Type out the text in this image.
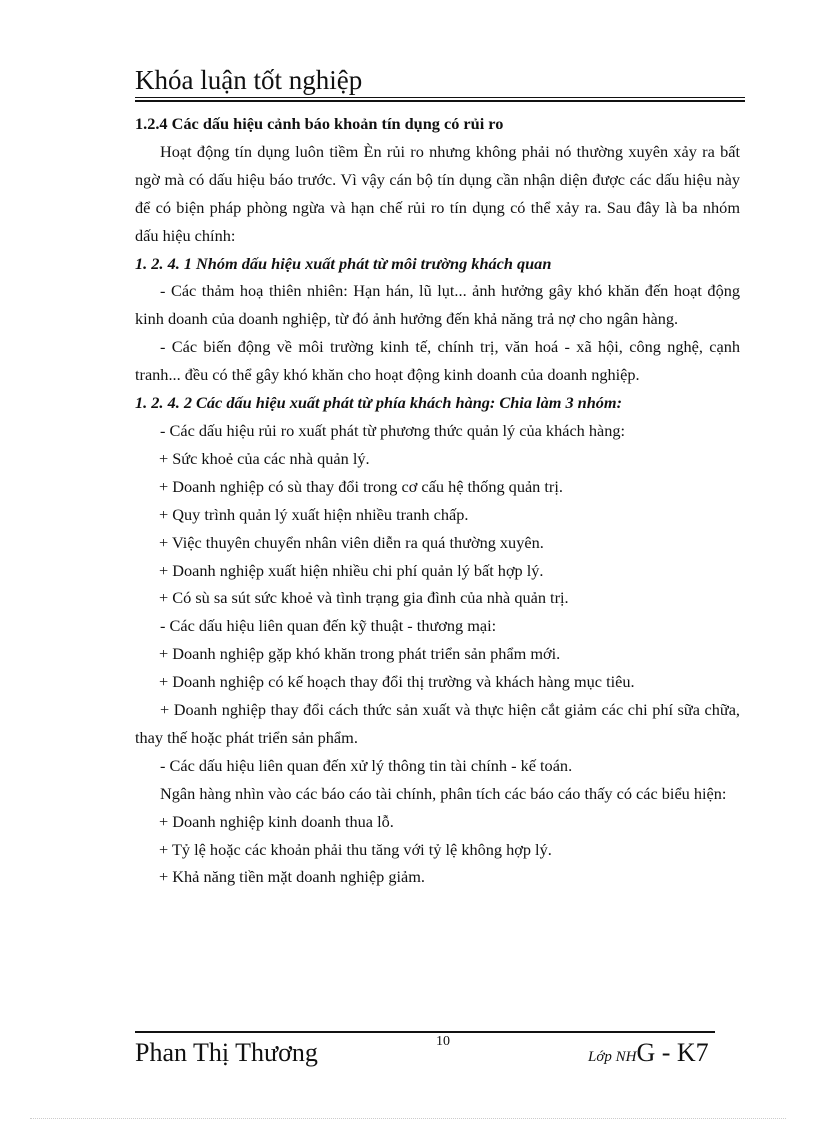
Khóa luận tốt nghiệp

1.2.4 Các dấu hiệu cảnh báo khoản tín dụng có rủi ro

Hoạt động tín dụng luôn tiềm Èn rủi ro nhưng không phải nó thường xuyên xảy ra bất ngờ mà có dấu hiệu báo trước. Vì vậy cán bộ tín dụng cần nhận diện được các dấu hiệu này để có biện pháp phòng ngừa và hạn chế rủi ro tín dụng có thể xảy ra. Sau đây là ba nhóm dấu hiệu chính:

1. 2. 4. 1 Nhóm dấu hiệu xuất phát từ môi trường khách quan

- Các thảm hoạ thiên nhiên: Hạn hán, lũ lụt... ảnh hưởng gây khó khăn đến hoạt động kinh doanh của doanh nghiệp, từ đó ảnh hưởng đến khả năng trả nợ cho ngân hàng.

- Các biến động về môi trường kinh tế, chính trị, văn hoá - xã hội, công nghệ, cạnh tranh... đều có thể gây khó khăn cho hoạt động kinh doanh của doanh nghiệp.

1. 2. 4. 2 Các dấu hiệu xuất phát từ phía khách hàng: Chia làm 3 nhóm:

- Các dấu hiệu rủi ro xuất phát từ phương thức quản lý của khách hàng:

+ Sức khoẻ của các nhà quản lý.

+ Doanh nghiệp có sù thay đổi trong cơ cấu hệ thống quản trị.

+ Quy trình quản lý xuất hiện nhiều tranh chấp.

+ Việc thuyên chuyển nhân viên diễn ra quá thường xuyên.

+ Doanh nghiệp xuất hiện nhiều chi phí quản lý bất hợp lý.

+ Có sù sa sút sức khoẻ và tình trạng gia đình của nhà quản trị.

- Các dấu hiệu liên quan đến kỹ thuật - thương mại:

+ Doanh nghiệp gặp khó khăn trong phát triển sản phẩm mới.

+ Doanh nghiệp có kế hoạch thay đổi thị trường và khách hàng mục tiêu.

+ Doanh nghiệp thay đổi cách thức sản xuất và thực hiện cắt giảm các chi phí sữa chữa, thay thế hoặc phát triển sản phẩm.

- Các dấu hiệu liên quan đến xử lý thông tin tài chính - kế toán.

Ngân hàng nhìn vào các báo cáo tài chính, phân tích các báo cáo thấy có các biểu hiện:

+ Doanh nghiệp kinh doanh thua lỗ.

+ Tỷ lệ hoặc các khoản phải thu tăng với tỷ lệ không hợp lý.

+ Khả năng tiền mặt doanh nghiệp giảm.

Phan Thị Thương	10
Lớp NHG - K7
